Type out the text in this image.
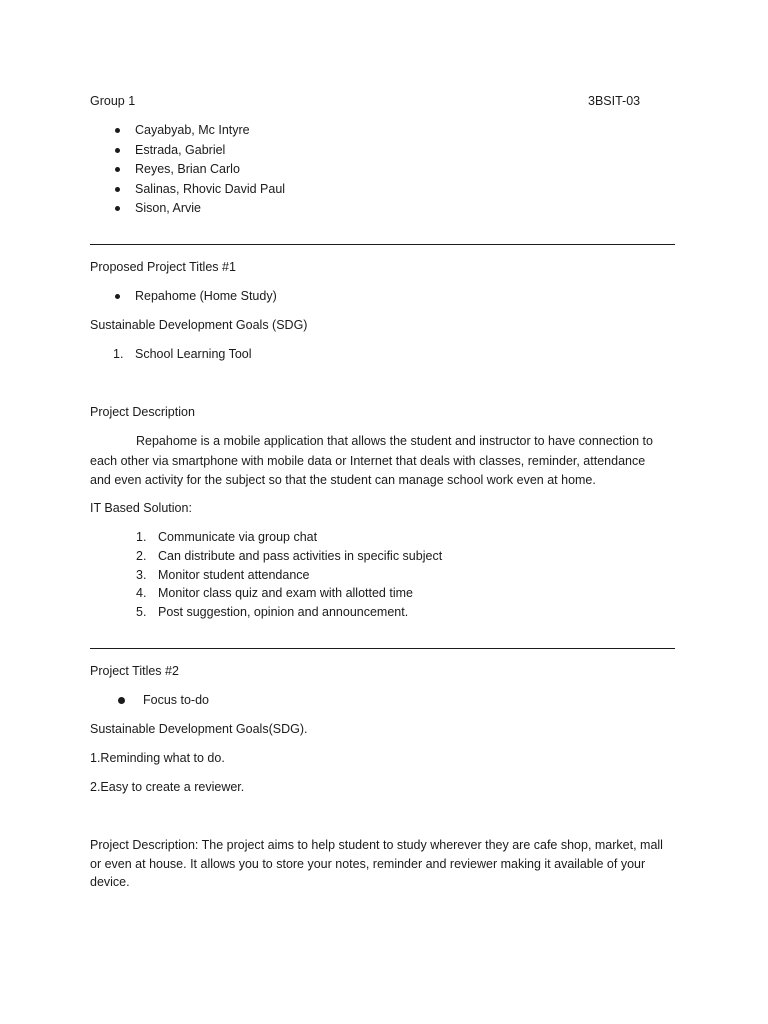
Group 1	3BSIT-03
Cayabyab, Mc Intyre
Estrada, Gabriel
Reyes, Brian Carlo
Salinas, Rhovic David Paul
Sison, Arvie
Proposed Project Titles #1
Repahome (Home Study)
Sustainable Development Goals (SDG)
1. School Learning Tool
Project Description
Repahome is a mobile application that allows the student and instructor to have connection to
each other via smartphone with mobile data or Internet that deals with classes, reminder, attendance
and even activity for the subject so that the student can manage school work even at home.
IT Based Solution:
1. Communicate via group chat
2. Can distribute and pass activities in specific subject
3. Monitor student attendance
4. Monitor class quiz and exam with allotted time
5. Post suggestion, opinion and announcement.
Project Titles #2
Focus to-do
Sustainable Development Goals(SDG).
1.Reminding what to do.
2.Easy to create a reviewer.
Project Description: The project aims to help student to study wherever they are cafe shop, market, mall
or even at house. It allows you to store your notes, reminder and reviewer making it available of your
device.
